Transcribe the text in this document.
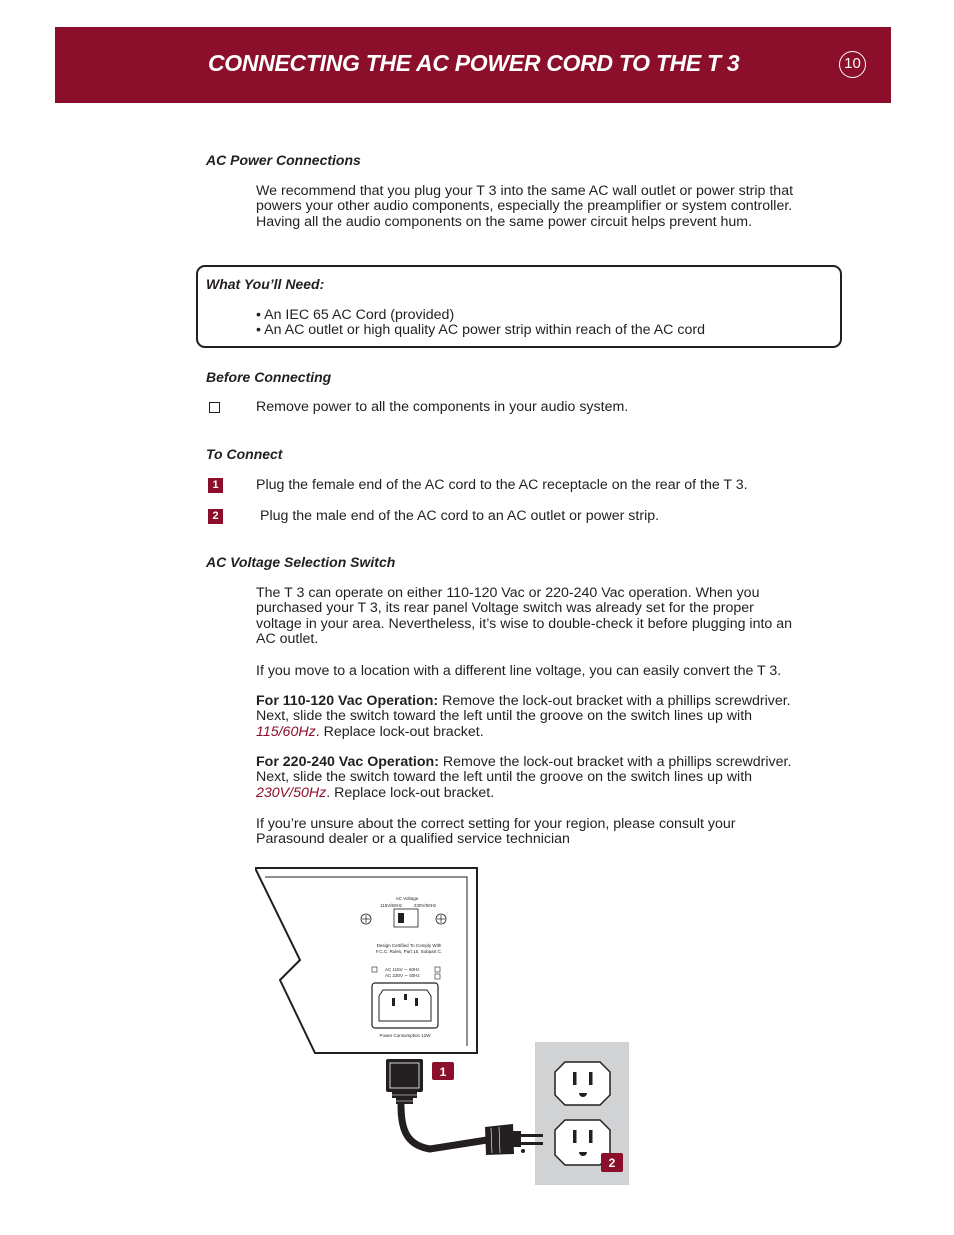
CONNECTING THE AC POWER CORD TO THE T 3	10
AC Power Connections
We recommend that you plug your T 3 into the same AC wall outlet or power strip that
powers your other audio components, especially the preamplifier or system controller.
Having all the audio components on the same power circuit helps prevent hum.
What You’ll Need:
• An IEC 65 AC Cord (provided)
• An AC outlet or high quality AC power strip within reach of the AC cord
Before Connecting
Remove power to all the components in your audio system.
To Connect
1	Plug the female end of the AC cord to the AC receptacle on the rear of the T 3.
2	Plug the male end of the AC cord to an AC outlet or power strip.
AC Voltage Selection Switch
The T 3 can operate on either 110-120 Vac or 220-240 Vac operation. When you
purchased your T 3, its rear panel Voltage switch was already set for the proper
voltage in your area. Nevertheless, it’s wise to double-check it before plugging into an
AC outlet.
If you move to a location with a different line voltage, you can easily convert the T 3.
For 110-120 Vac Operation: Remove the lock-out bracket with a phillips screwdriver.
Next, slide the switch toward the left until the groove on the switch lines up with
115/60Hz. Replace lock-out bracket.
For 220-240 Vac Operation: Remove the lock-out bracket with a phillips screwdriver.
Next, slide the switch toward the left until the groove on the switch lines up with
230V/50Hz. Replace lock-out bracket.
If you’re unsure about the correct setting for your region, please consult your
Parasound dealer or a qualified service technician
AC Voltage
115V/60Hz	230V/50Hz
Design Certified To Comply With
F.C.C. Rules, Part 15, Subpart C.
AC 115V ∼ 60Hz
AC 230V ∼ 50Hz
Power Consumption 12W
1
2
